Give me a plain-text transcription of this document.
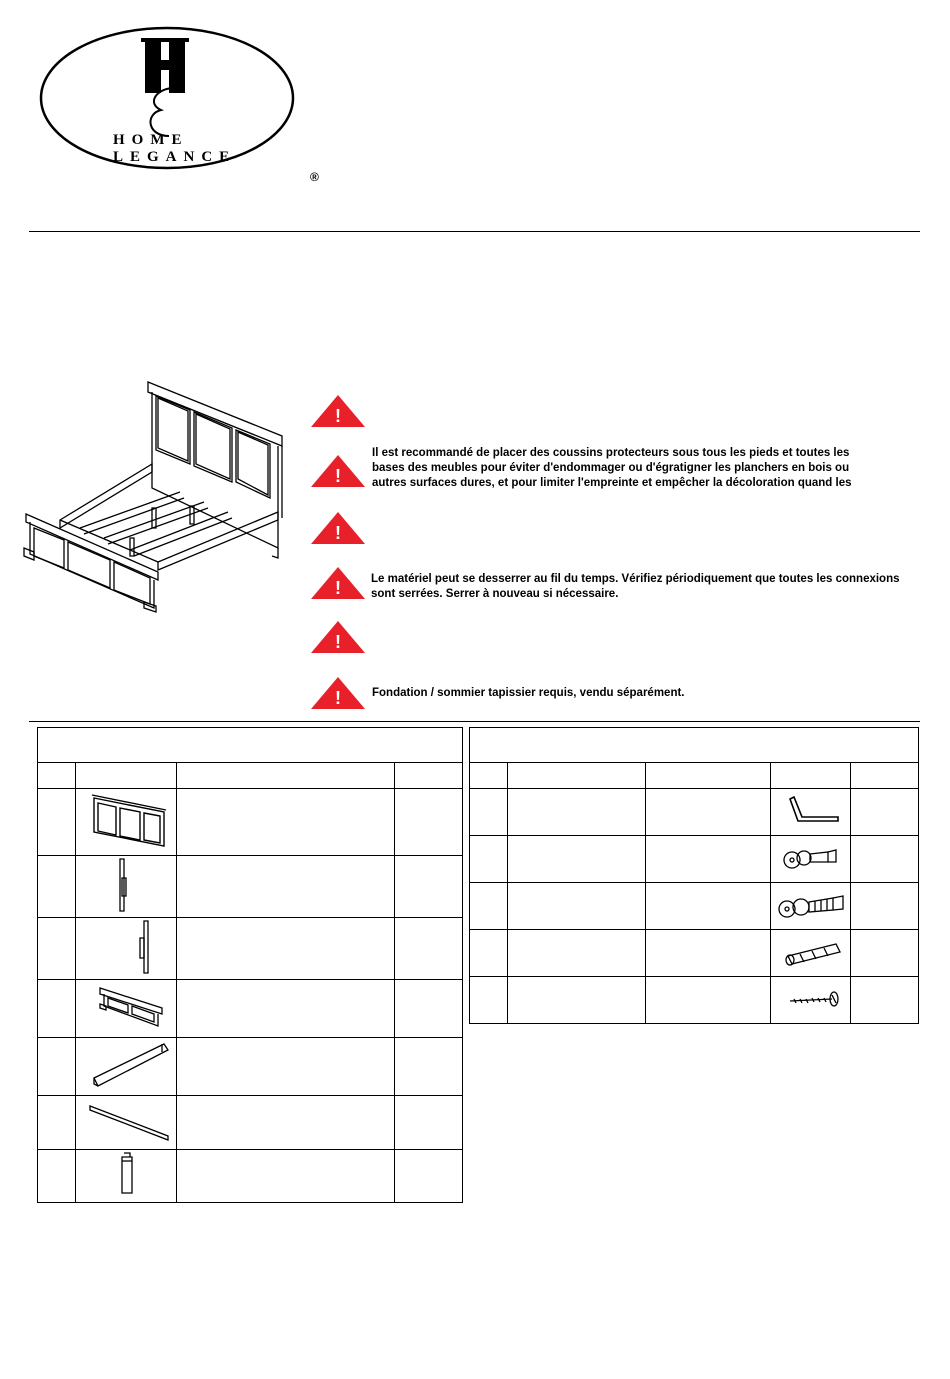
HOME LEGANCE
®
!
!
Il est recommandé de placer des coussins protecteurs sous tous les pieds et toutes les
bases des meubles pour éviter d'endommager ou d'égratigner les planchers en bois ou
autres surfaces dures, et pour limiter l'empreinte et empêcher la décoloration quand les
!
!	Le matériel peut se desserrer au fil du temps. Vérifiez périodiquement que toutes les connexions
sont serrées. Serrer à nouveau si nécessaire.
!
!	Fondation / sommier tapissier requis, vendu séparément.
